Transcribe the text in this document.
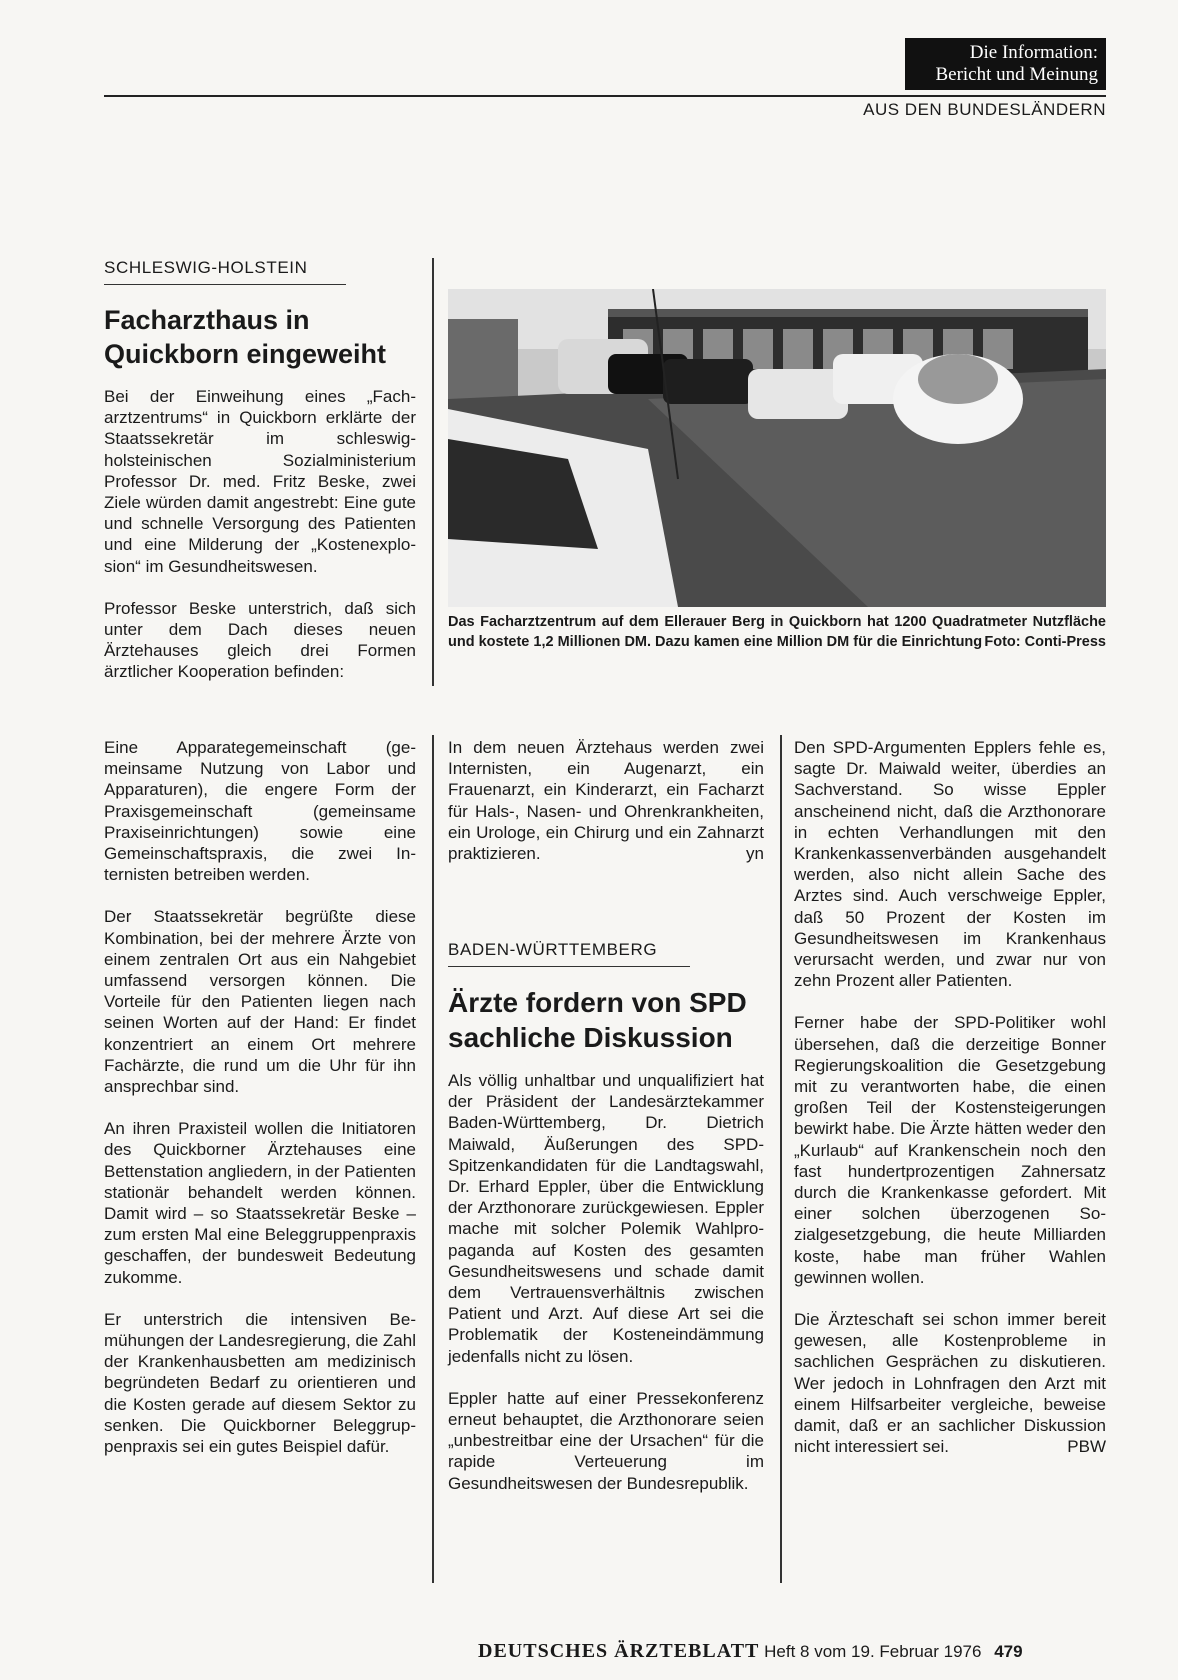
Die Information:
Bericht und Meinung
AUS DEN BUNDESLÄNDERN
SCHLESWIG-HOLSTEIN
Facharzthaus in
Quickborn eingeweiht

Bei der Einweihung eines „Facharztzentrums“ in Quickborn erklärte der Staatssekretär im schleswigholsteinischen Sozialministerium Professor Dr. med. Fritz Beske, zwei Ziele würden damit angestrebt: Eine gute und schnelle Versorgung des Patienten und eine Milderung der „Kostenexplosion“ im Gesundheitswesen.

Professor Beske unterstrich, daß sich unter dem Dach dieses neuen Ärztehauses gleich drei Formen ärztlicher Kooperation befinden:

Eine Apparategemeinschaft (gemeinsame Nutzung von Labor und Apparaturen), die engere Form der Praxisgemeinschaft (gemeinsame Praxiseinrichtungen) sowie eine Gemeinschaftspraxis, die zwei Internisten betreiben werden.

Der Staatssekretär begrüßte diese Kombination, bei der mehrere Ärzte von einem zentralen Ort aus ein Nahgebiet umfassend versorgen können. Die Vorteile für den Patienten liegen nach seinen Worten auf der Hand: Er findet konzentriert an einem Ort mehrere Fachärzte, die rund um die Uhr für ihn ansprechbar sind.

An ihren Praxisteil wollen die Initiatoren des Quickborner Ärztehauses eine Bettenstation angliedern, in der Patienten stationär behandelt werden können. Damit wird – so Staatssekretär Beske – zum ersten Mal eine Beleggruppenpraxis geschaffen, der bundesweit Bedeutung zukomme.

Er unterstrich die intensiven Bemühungen der Landesregierung, die Zahl der Krankenhausbetten am medizinisch begründeten Bedarf zu orientieren und die Kosten gerade auf diesem Sektor zu senken. Die Quickborner Beleggruppenpraxis sei ein gutes Beispiel dafür.

In dem neuen Ärztehaus werden zwei Internisten, ein Augenarzt, ein Frauenarzt, ein Kinderarzt, ein Facharzt für Hals-, Nasen- und Ohrenkrankheiten, ein Urologe, ein Chirurg und ein Zahnarzt praktizieren.	yn

Das Facharztzentrum auf dem Ellerauer Berg in Quickborn hat 1200 Quadratmeter Nutzfläche und kostete 1,2 Millionen DM. Dazu kamen eine Million DM für die Einrichtung Foto: Conti-Press
BADEN-WÜRTTEMBERG
Ärzte fordern von SPD
sachliche Diskussion

Als völlig unhaltbar und unqualifiziert hat der Präsident der Landesärztekammer Baden-Württemberg, Dr. Dietrich Maiwald, Äußerungen des SPD-Spitzenkandidaten für die Landtagswahl, Dr. Erhard Eppler, über die Entwicklung der Arzthonorare zurückgewiesen. Eppler mache mit solcher Polemik Wahlpropaganda auf Kosten des gesamten Gesundheitswesens und schade damit dem Vertrauensverhältnis zwischen Patient und Arzt. Auf diese Art sei die Problematik der Kosteneindämmung jedenfalls nicht zu lösen.

Eppler hatte auf einer Pressekonferenz erneut behauptet, die Arzthonorare seien „unbestreitbar eine der Ursachen“ für die rapide Verteuerung im Gesundheitswesen der Bundesrepublik.

Den SPD-Argumenten Epplers fehle es, sagte Dr. Maiwald weiter, überdies an Sachverstand. So wisse Eppler anscheinend nicht, daß die Arzthonorare in echten Verhandlungen mit den Krankenkassenverbänden ausgehandelt werden, also nicht allein Sache des Arztes sind. Auch verschweige Eppler, daß 50 Prozent der Kosten im Gesundheitswesen im Krankenhaus verursacht werden, und zwar nur von zehn Prozent aller Patienten.

Ferner habe der SPD-Politiker wohl übersehen, daß die derzeitige Bonner Regierungskoalition die Gesetzgebung mit zu verantworten habe, die einen großen Teil der Kostensteigerungen bewirkt habe. Die Ärzte hätten weder den „Kurlaub“ auf Krankenschein noch den fast hundertprozentigen Zahnersatz durch die Krankenkasse gefordert. Mit einer solchen überzogenen Sozialgesetzgebung, die heute Milliarden koste, habe man früher Wahlen gewinnen wollen.

Die Ärzteschaft sei schon immer bereit gewesen, alle Kostenprobleme in sachlichen Gesprächen zu diskutieren. Wer jedoch in Lohnfragen den Arzt mit einem Hilfsarbeiter vergleiche, beweise damit, daß er an sachlicher Diskussion nicht interessiert sei.	PBW

DEUTSCHES ÄRZTEBLATT Heft 8 vom 19. Februar 1976 479
